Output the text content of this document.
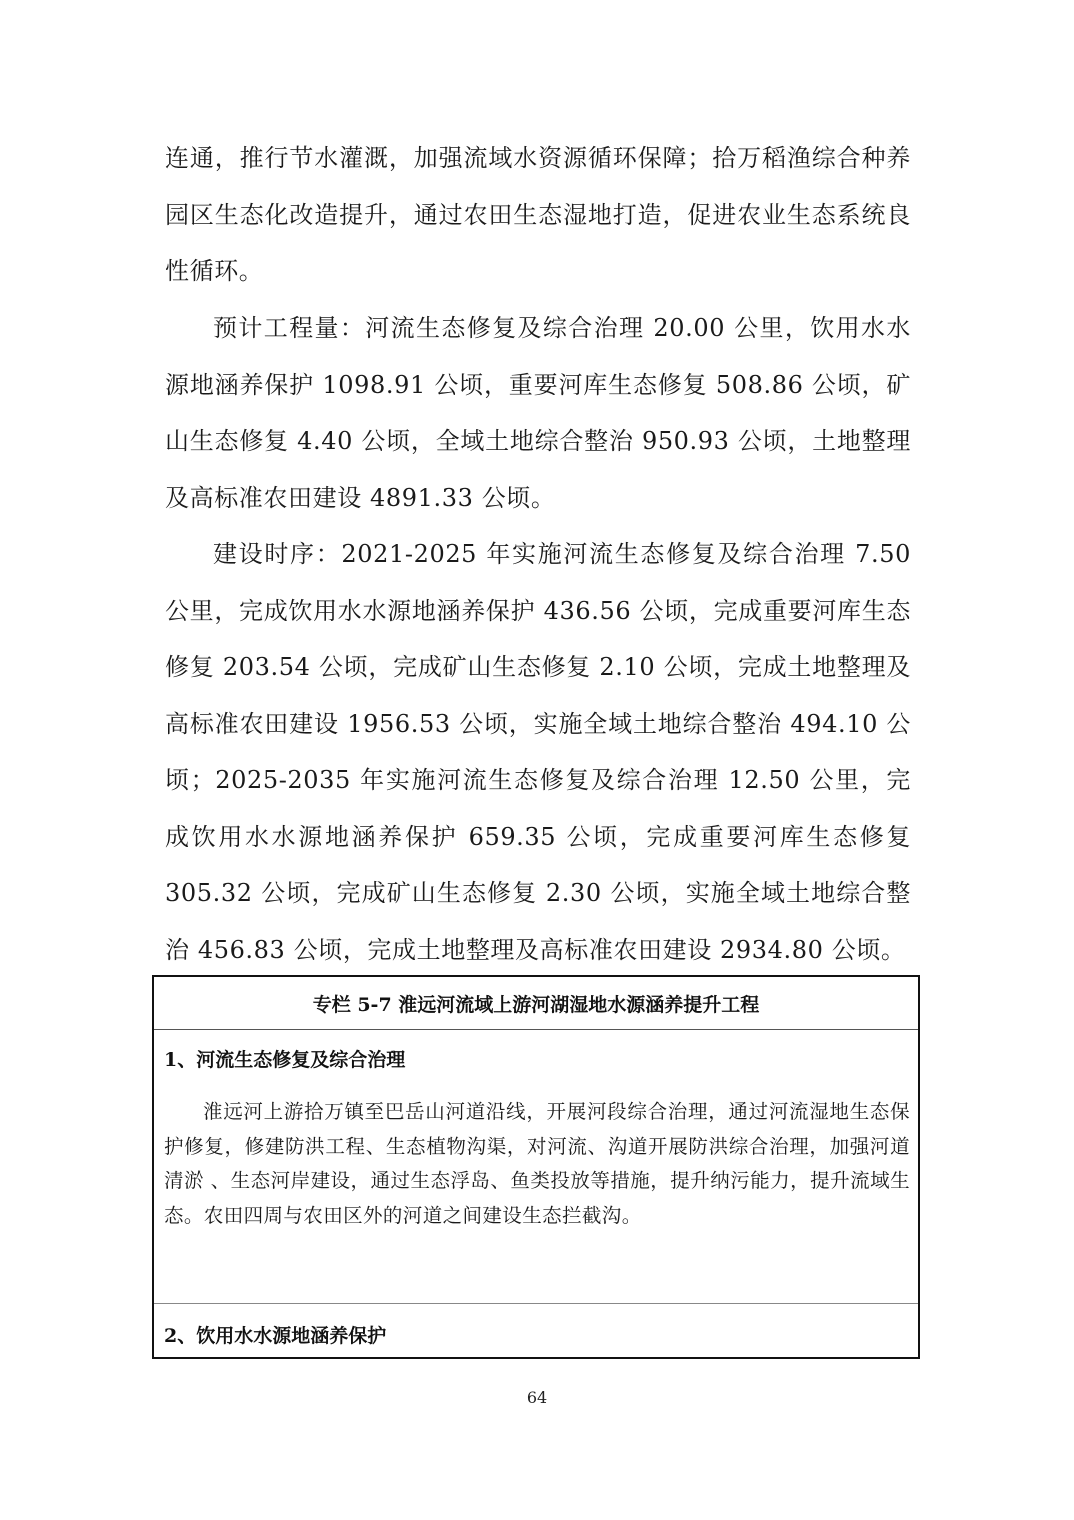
连通，推行节水灌溉，加强流域水资源循环保障；拾万稻渔综合种养园区生态化改造提升，通过农田生态湿地打造，促进农业生态系统良性循环。

预计工程量：河流生态修复及综合治理 20.00 公里，饮用水水源地涵养保护 1098.91 公顷，重要河库生态修复 508.86 公顷，矿山生态修复 4.40 公顷，全域土地综合整治 950.93 公顷，土地整理及高标准农田建设 4891.33 公顷。

建设时序：2021-2025 年实施河流生态修复及综合治理 7.50 公里，完成饮用水水源地涵养保护 436.56 公顷，完成重要河库生态修复 203.54 公顷，完成矿山生态修复 2.10 公顷，完成土地整理及高标准农田建设 1956.53 公顷，实施全域土地综合整治 494.10 公顷；2025-2035 年实施河流生态修复及综合治理 12.50 公里，完成饮用水水源地涵养保护 659.35 公顷，完成重要河库生态修复 305.32 公顷，完成矿山生态修复 2.30 公顷，实施全域土地综合整治 456.83 公顷，完成土地整理及高标准农田建设 2934.80 公顷。

专栏 5-7 淮远河流域上游河湖湿地水源涵养提升工程
1、河流生态修复及综合治理

淮远河上游拾万镇至巴岳山河道沿线，开展河段综合治理，通过河流湿地生态保护修复，修建防洪工程、生态植物沟渠，对河流、沟道开展防洪综合治理，加强河道清淤 、生态河岸建设，通过生态浮岛、鱼类投放等措施，提升纳污能力，提升流域生态。农田四周与农田区外的河道之间建设生态拦截沟。

2、饮用水水源地涵养保护
64
